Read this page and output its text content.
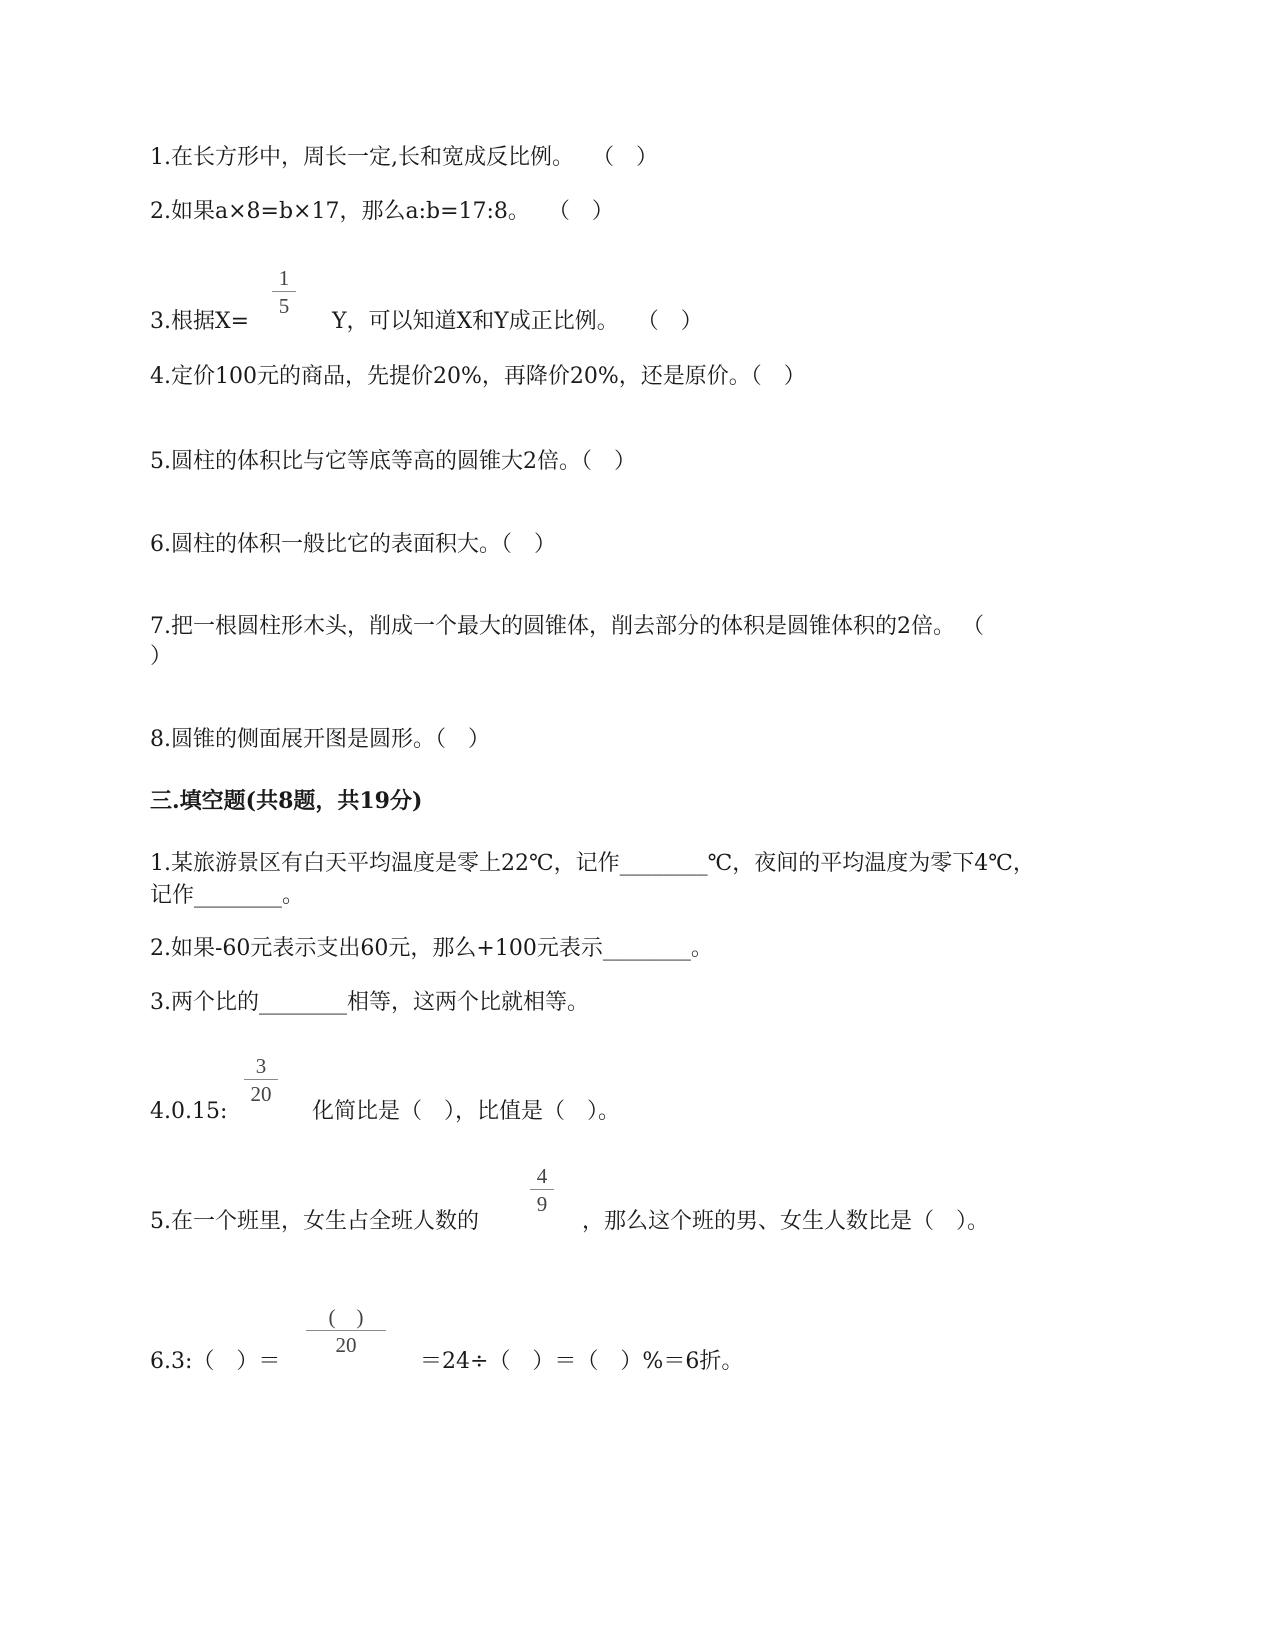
1.在长方形中，周长一定,长和宽成反比例。 　（　）
2.如果a×8=b×17，那么a:b=17:8。 　（　）
1
5
3.根据X=	Y，可以知道X和Y成正比例。 　（　）
4.定价100元的商品，先提价20%，再降价20%，还是原价。（　）
5.圆柱的体积比与它等底等高的圆锥大2倍。（　）
6.圆柱的体积一般比它的表面积大。（　）
7.把一根圆柱形木头，削成一个最大的圆锥体，削去部分的体积是圆锥体积的2倍。 （
）
8.圆锥的侧面展开图是圆形。（　）
三.填空题(共8题，共19分)
1.某旅游景区有白天平均温度是零上22℃，记作________℃，夜间的平均温度为零下4℃，
记作________。
2.如果-60元表示支出60元，那么+100元表示________。
3.两个比的________相等，这两个比就相等。
3
20
4.0.15:	化简比是（　），比值是（　）。
4
9
5.在一个班里，女生占全班人数的	，那么这个班的男、女生人数比是（　）。
(　)
20
6.3:（　）＝	＝24÷（　）＝（　）%＝6折。
